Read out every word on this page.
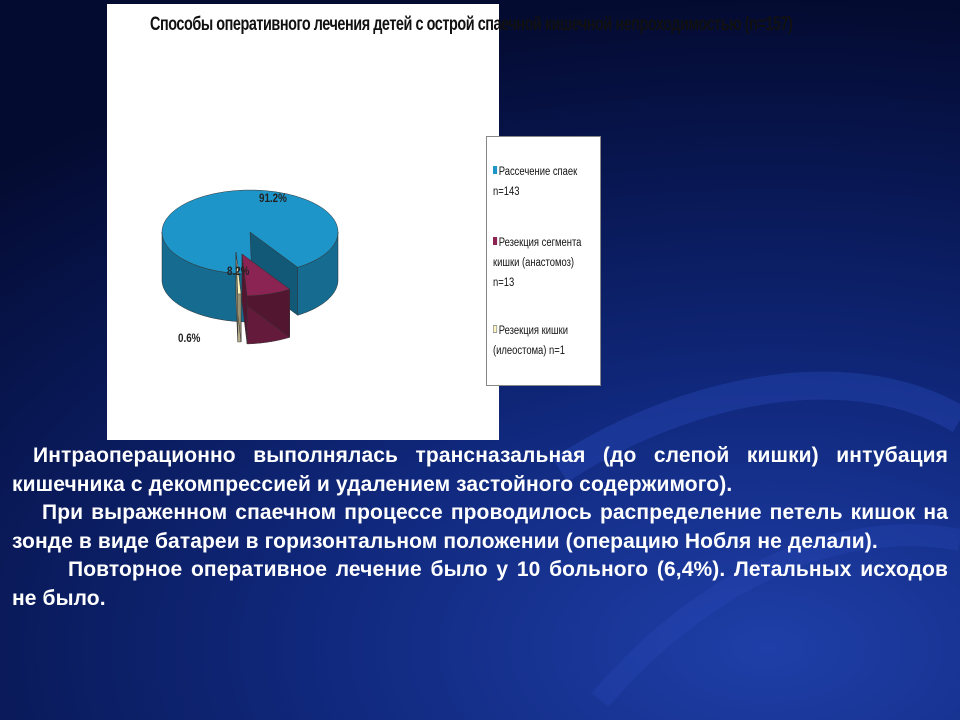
91.2%
8.2%
0.6%
Рассечение спаек
n=143
Резекция сегмента кишки (анастомоз) n=13
Резекция кишки (илеостома) n=1
Способы оперативного лечения детей с острой спаечной кишечной непроходимостью (n=157)

Интраоперационно выполнялась трансназальная (до слепой кишки) интубация кишечника с декомпрессией и удалением застойного содержимого).

При выраженном спаечном процессе проводилось распределение петель кишок на зонде в виде батареи в горизонтальном положении (операцию Нобля не делали).

Повторное оперативное лечение было у 10 больного (6,4%). Летальных исходов не было.
